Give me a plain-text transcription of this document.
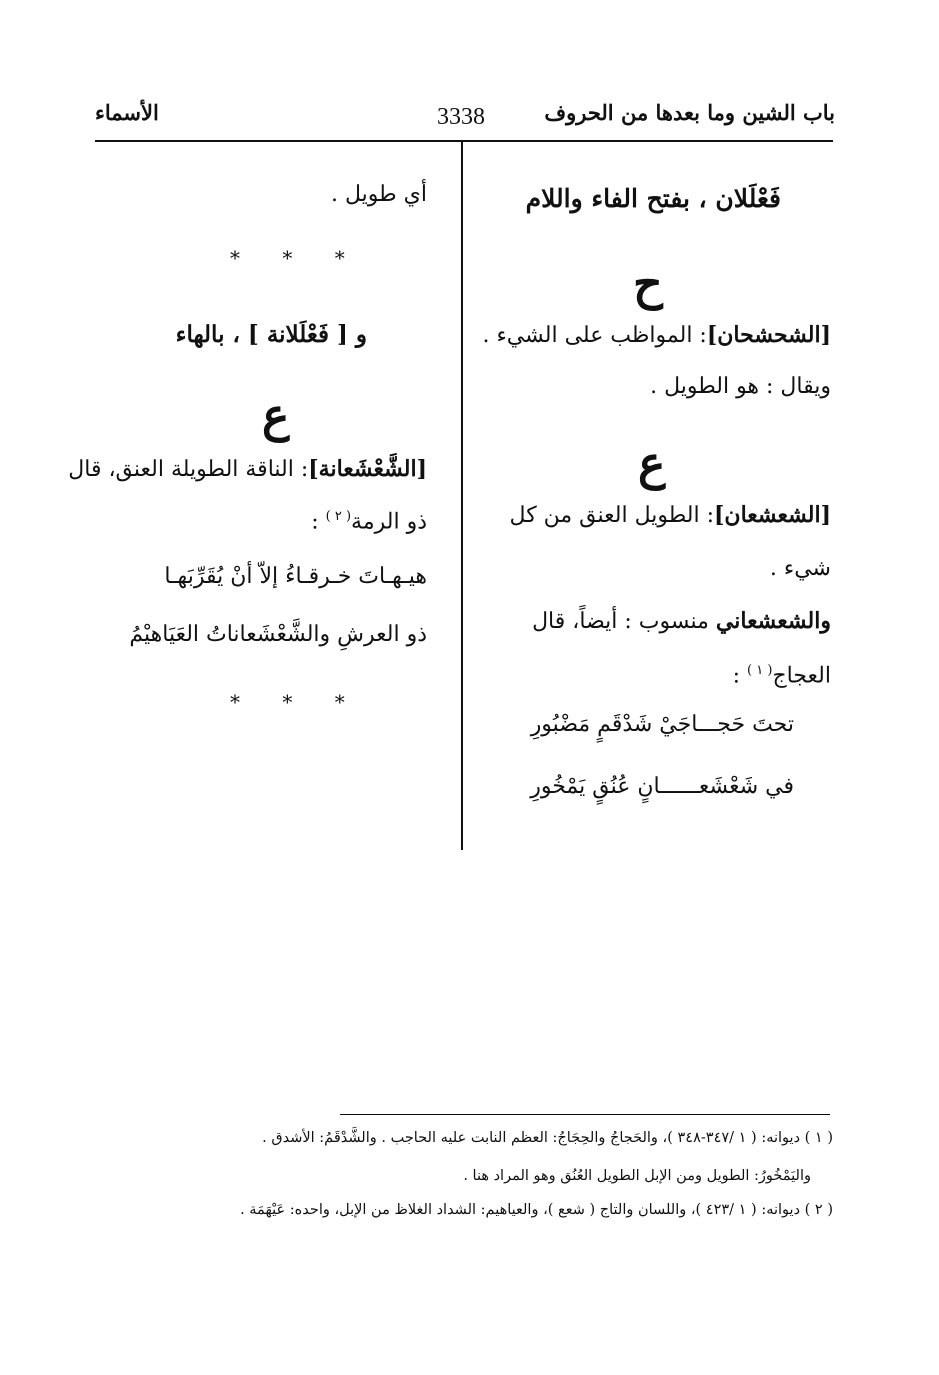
باب الشين وما بعدها من الحروف
3338
الأسماء
فَعْلَلان ، بفتح الفاء واللام
ح
[الشحشحان]: المواظب على الشيء .
ويقال : هو الطويل .
ع
[الشعشعان]: الطويل العنق من كل
شيء .
والشعشعاني منسوب : أيضاً، قال
العجاج$^{( ١ )}$ :
تحتَ حَجـــاجَيْ شَدْقَمٍ مَضْبُورِ
في شَعْشَعــــــانٍ عُنُقٍ يَمْخُورِ
أي طويل .
* * *
و [ فَعْلَلانة ] ، بالهاء
ع
[الشَّعْشَعانة]: الناقة الطويلة العنق، قال
ذو الرمة$^{( ٢ )}$ :
هيـهـاتَ خـرقـاءُ إلاّ أنْ يُقَرِّبَهـا
ذو العرشِ والشَّعْشَعاناتُ العَيَاهيْمُ
* * *
( ١ ) ديوانه: ( ١ /٣٤٧-٣٤٨ )، والحَجاجُ والحِجَاجُ: العظم النابت عليه الحاجب . والشَّدْقَمُ: الأشدق .
واليَمْخُورُ: الطويل ومن الإبل الطويل العُنُق وهو المراد هنا .
( ٢ ) ديوانه: ( ١ /٤٢٣ )، واللسان والتاج ( شعع )، والعياهيم: الشداد الغلاظ من الإبل، واحده: عَيْهَمَة .
